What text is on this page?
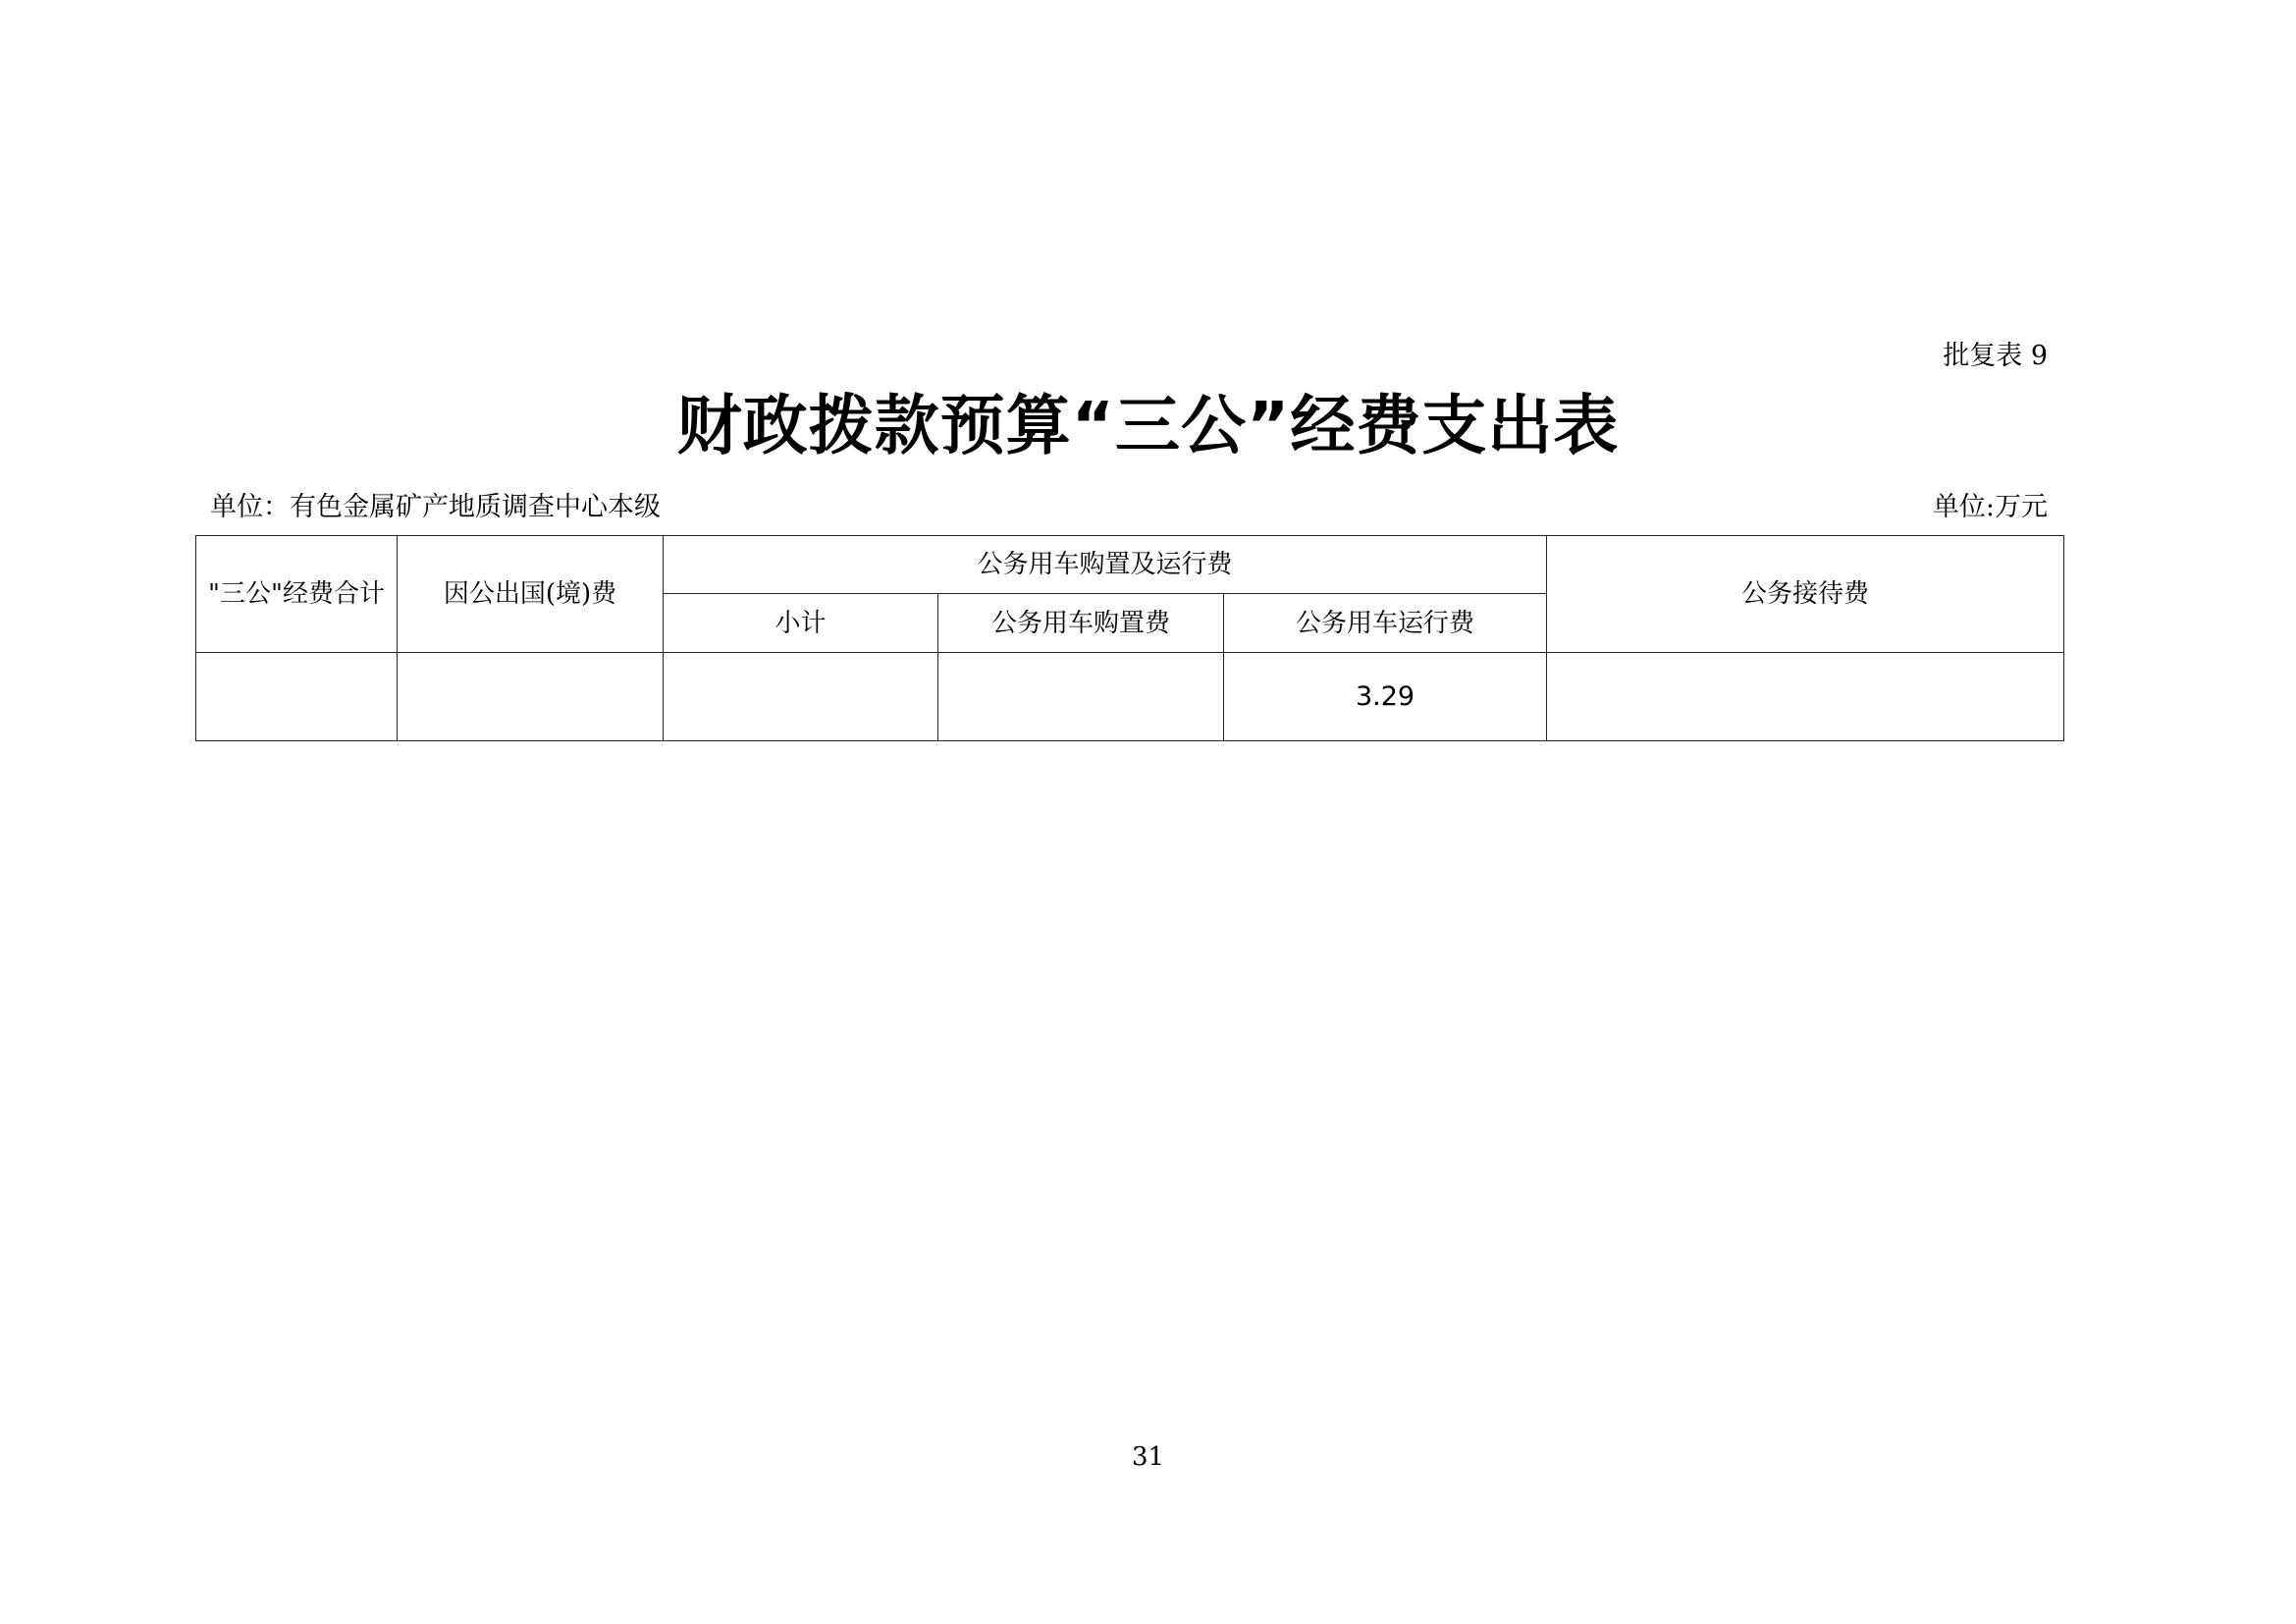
批复表 9
财政拨款预算“三公”经费支出表
单位：有色金属矿产地质调查中心本级	单位:万元
"三公"经费合计	因公出国(境)费	公务用车购置及运行费			公务接待费
		小计	公务用车购置费	公务用车运行费	
				3.29	
31
